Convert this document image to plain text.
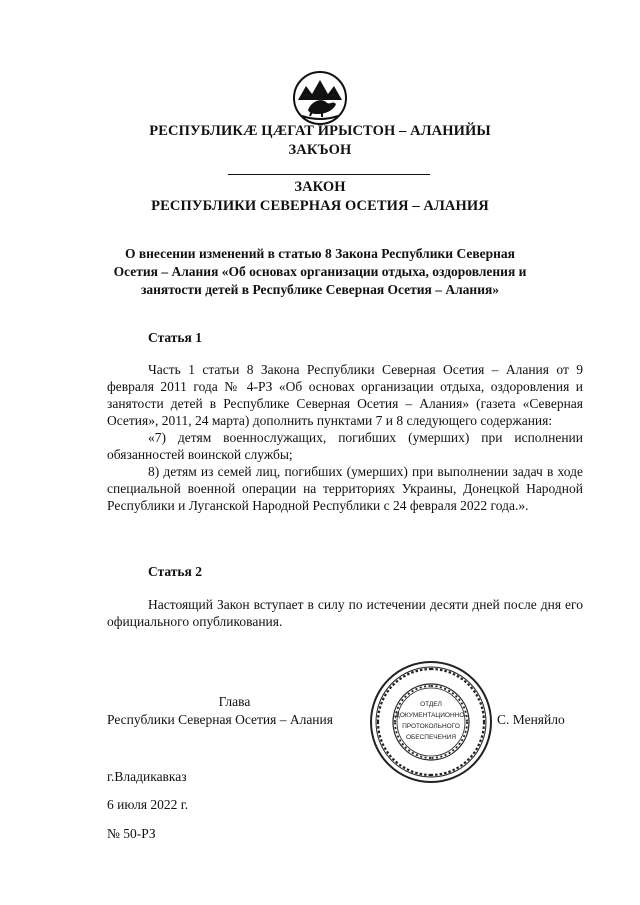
РЕСПУБЛИКӔ ЦӔГАТ ИРЫСТОН – АЛАНИЙЫ
ЗАКЪОН
ЗАКОН
РЕСПУБЛИКИ СЕВЕРНАЯ ОСЕТИЯ – АЛАНИЯ
О внесении изменений в статью 8 Закона Республики Северная
Осетия – Алания «Об основах организации отдыха, оздоровления и
занятости детей в Республике Северная Осетия – Алания»
Статья 1

Часть 1 статьи 8 Закона Республики Северная Осетия – Алания от 9 февраля 2011 года № 4-РЗ «Об основах организации отдыха, оздоровления и занятости детей в Республике Северная Осетия – Алания» (газета «Северная Осетия», 2011, 24 марта) дополнить пунктами 7 и 8 следующего содержания:

«7) детям военнослужащих, погибших (умерших) при исполнении обязанностей воинской службы;

8) детям из семей лиц, погибших (умерших) при выполнении задач в ходе специальной военной операции на территориях Украины, Донецкой Народной Республики и Луганской Народной Республики с 24 февраля 2022 года.».

Статья 2

Настоящий Закон вступает в силу по истечении десяти дней после дня его официального опубликования.

Глава
Республики Северная Осетия – Алания	С. Меняйло
ОТДЕЛ
ДОКУМЕНТАЦИОННО-
ПРОТОКОЛЬНОГО
ОБЕСПЕЧЕНИЯ
г.Владикавказ
6 июля 2022 г.
№ 50-РЗ
